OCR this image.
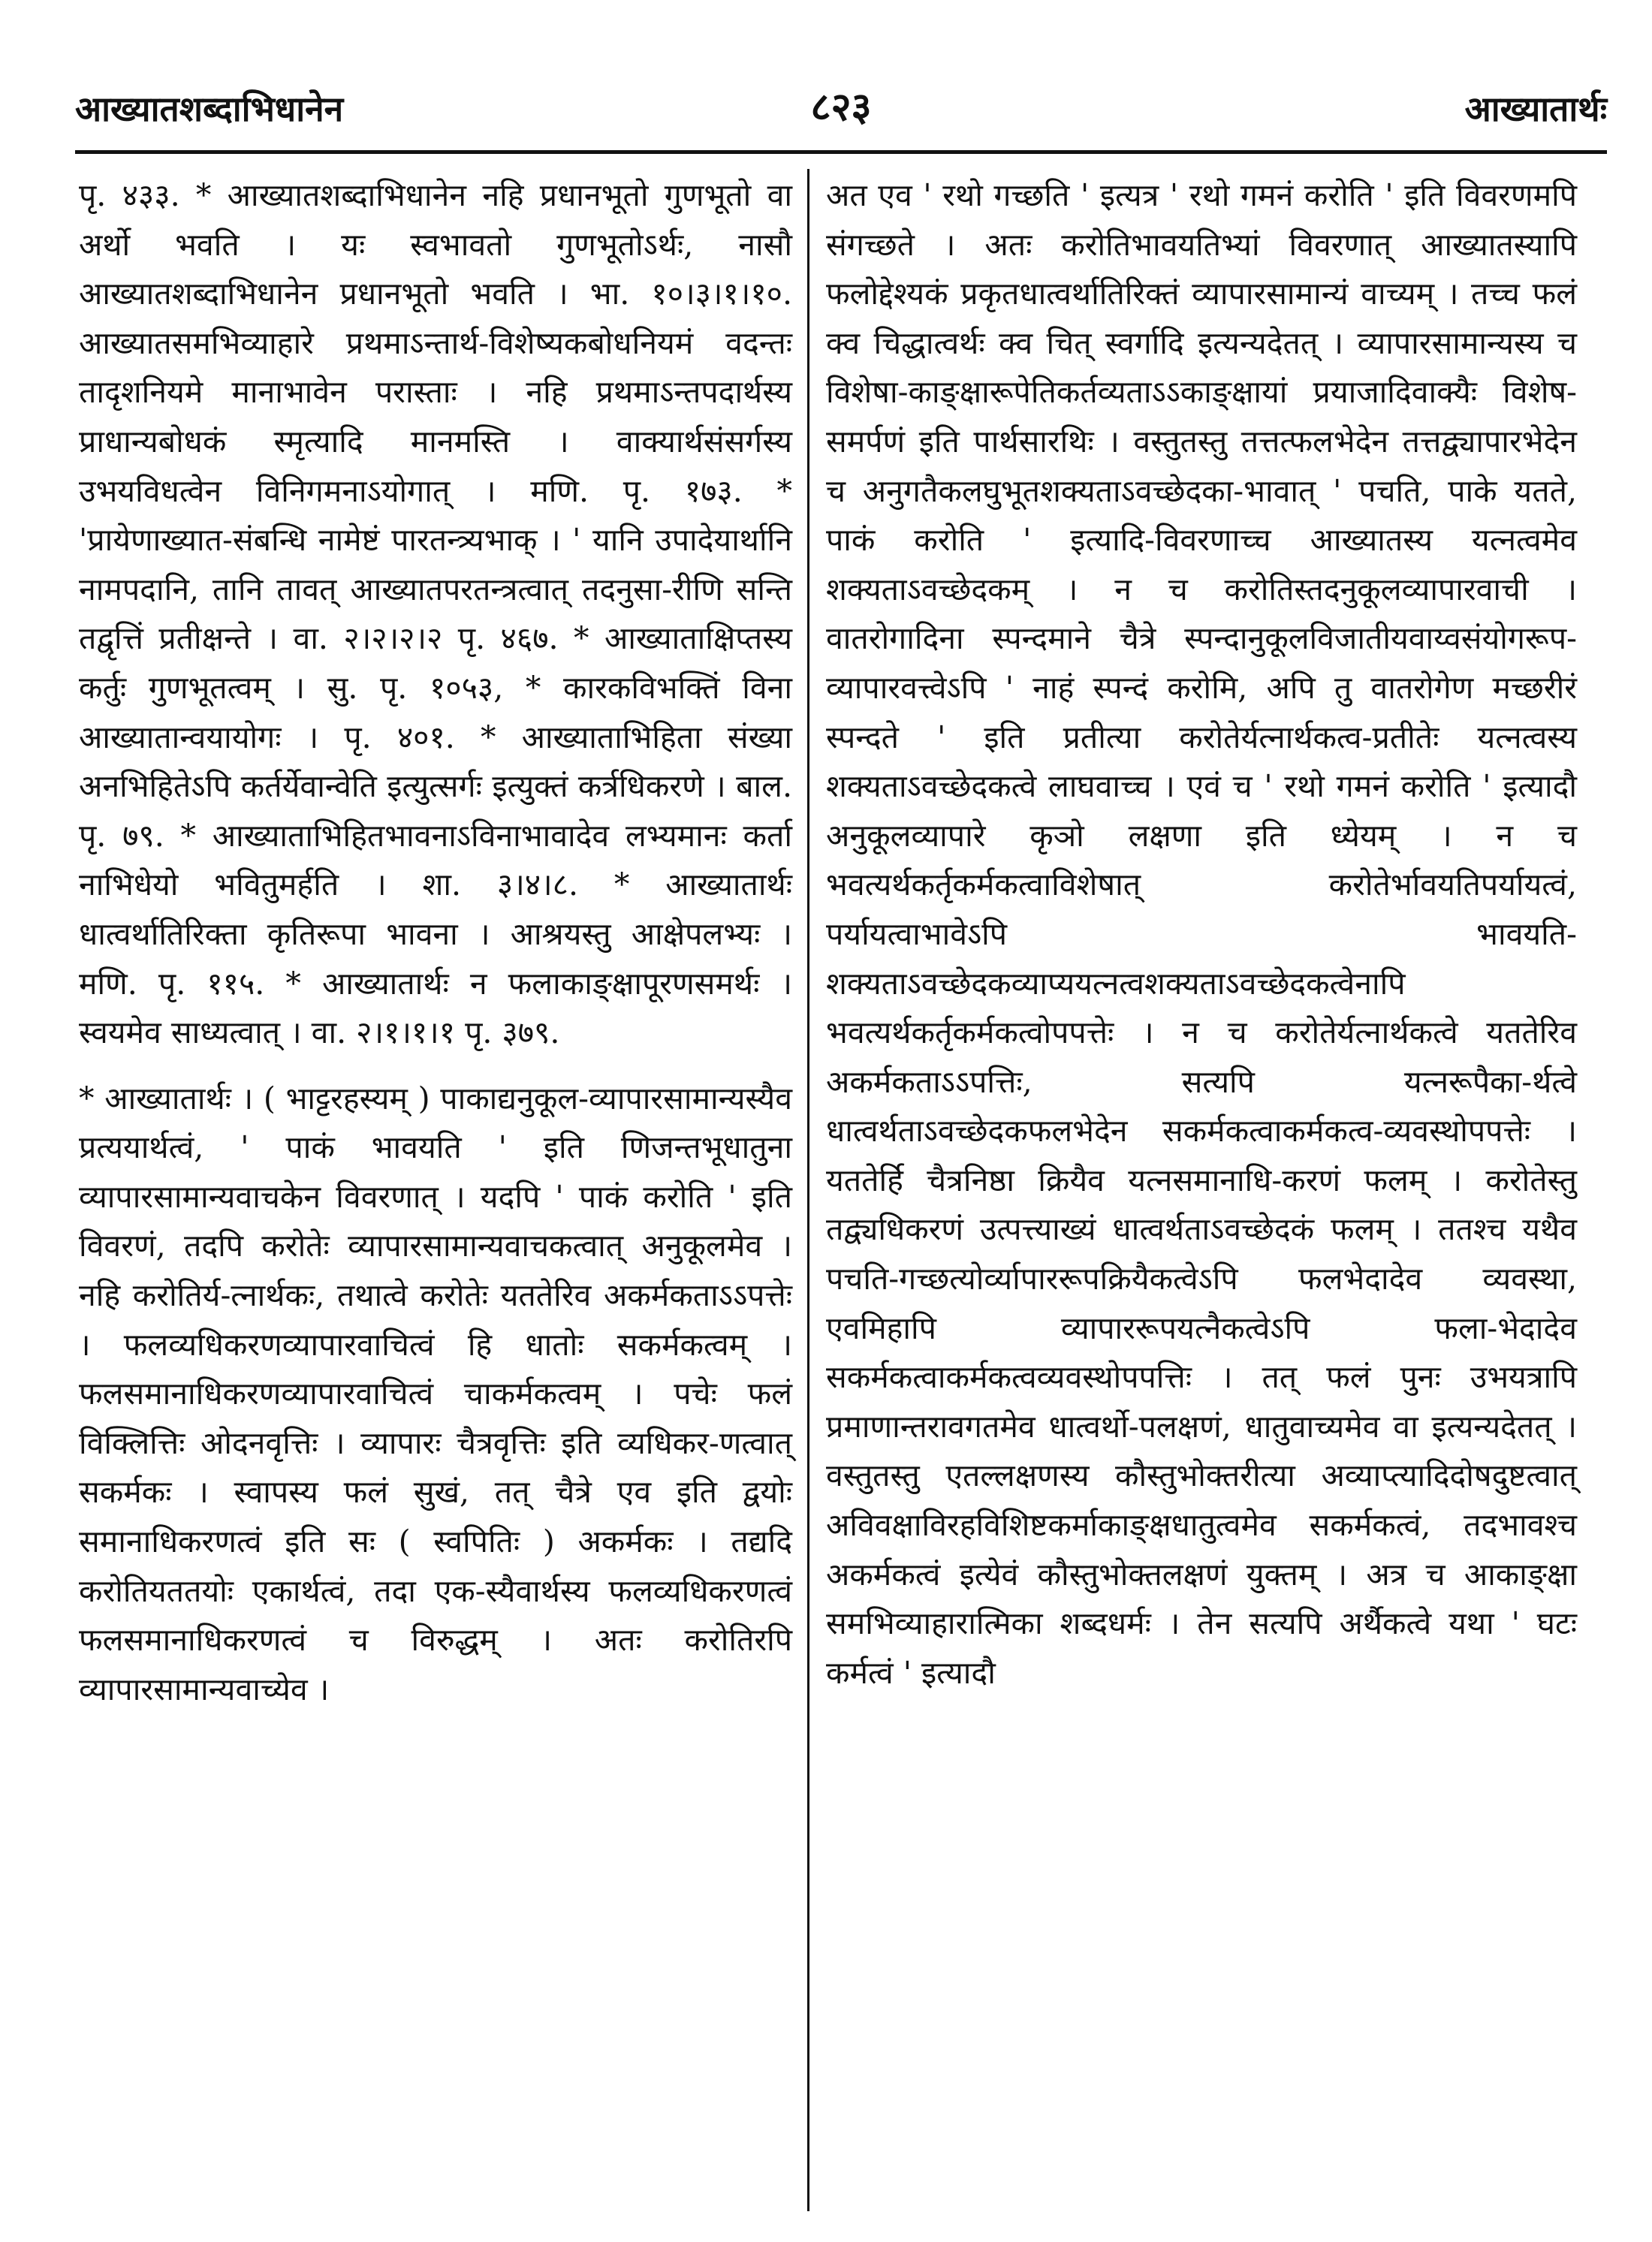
आख्यातशब्दाभिधानेन	८२३	आख्यातार्थः

पृ. ४३३. * आख्यातशब्दाभिधानेन नहि प्रधानभूतो गुणभूतो वा अर्थो भवति । यः स्वभावतो गुणभूतोऽर्थः, नासौ आख्यातशब्दाभिधानेन प्रधानभूतो भवति । भा. १०।३।१।१०. आख्यातसमभिव्याहारे प्रथमाऽन्तार्थ-विशेष्यकबोधनियमं वदन्तः तादृशनियमे मानाभावेन परास्ताः । नहि प्रथमाऽन्तपदार्थस्य प्राधान्यबोधकं स्मृत्यादि मानमस्ति । वाक्यार्थसंसर्गस्य उभयविधत्वेन विनिगमनाऽयोगात् । मणि. पृ. १७३. * 'प्रायेणाख्यात-संबन्धि नामेष्टं पारतन्त्र्यभाक् । ' यानि उपादेयार्थानि नामपदानि, तानि तावत् आख्यातपरतन्त्रत्वात् तदनुसा-रीणि सन्ति तद्वृत्तिं प्रतीक्षन्ते । वा. २।२।२।२ पृ. ४६७. * आख्याताक्षिप्तस्य कर्तुः गुणभूतत्वम् । सु. पृ. १०५३, * कारकविभक्तिं विना आख्यातान्वयायोगः । पृ. ४०१. * आख्याताभिहिता संख्या अनभिहितेऽपि कर्तर्येवान्वेति इत्युत्सर्गः इत्युक्तं कर्त्रधिकरणे । बाल. पृ. ७९. * आख्याताभिहितभावनाऽविनाभावादेव लभ्यमानः कर्ता नाभिधेयो भवितुमर्हति । शा. ३।४।८. * आख्यातार्थः धात्वर्थातिरिक्ता कृतिरूपा भावना । आश्रयस्तु आक्षेपलभ्यः । मणि. पृ. ११५. * आख्यातार्थः न फलाकाङ्क्षापूरणसमर्थः । स्वयमेव साध्यत्वात् । वा. २।१।१।१ पृ. ३७९.

* आख्यातार्थः । ( भाट्टरहस्यम् ) पाकाद्यनुकूल-व्यापारसामान्यस्यैव प्रत्ययार्थत्वं, ' पाकं भावयति ' इति णिजन्तभूधातुना व्यापारसामान्यवाचकेन विवरणात् । यदपि ' पाकं करोति ' इति विवरणं, तदपि करोतेः व्यापारसामान्यवाचकत्वात् अनुकूलमेव । नहि करोतिर्य-त्नार्थकः, तथात्वे करोतेः यततेरिव अकर्मकताऽऽपत्तेः । फलव्यधिकरणव्यापारवाचित्वं हि धातोः सकर्मकत्वम् । फलसमानाधिकरणव्यापारवाचित्वं चाकर्मकत्वम् । पचेः फलं विक्लित्तिः ओदनवृत्तिः । व्यापारः चैत्रवृत्तिः इति व्यधिकर-णत्वात् सकर्मकः । स्वापस्य फलं सुखं, तत् चैत्रे एव इति द्वयोः समानाधिकरणत्वं इति सः ( स्वपितिः ) अकर्मकः । तद्यदि करोतियततयोः एकार्थत्वं, तदा एक-स्यैवार्थस्य फलव्यधिकरणत्वं फलसमानाधिकरणत्वं च विरुद्धम् । अतः करोतिरपि व्यापारसामान्यवाच्येव ।

अत एव ' रथो गच्छति ' इत्यत्र ' रथो गमनं करोति ' इति विवरणमपि संगच्छते । अतः करोतिभावयतिभ्यां विवरणात् आख्यातस्यापि फलोद्देश्यकं प्रकृतधात्वर्थातिरिक्तं व्यापारसामान्यं वाच्यम् । तच्च फलं क्व चिद्धात्वर्थः क्व चित् स्वर्गादि इत्यन्यदेतत् । व्यापारसामान्यस्य च विशेषा-काङ्क्षारूपेतिकर्तव्यताऽऽकाङ्क्षायां प्रयाजादिवाक्यैः विशेष-समर्पणं इति पार्थसारथिः । वस्तुतस्तु तत्तत्फलभेदेन तत्तद्व्यापारभेदेन च अनुगतैकलघुभूतशक्यताऽवच्छेदका-भावात् ' पचति, पाके यतते, पाकं करोति ' इत्यादि-विवरणाच्च आख्यातस्य यत्नत्वमेव शक्यताऽवच्छेदकम् । न च करोतिस्तदनुकूलव्यापारवाची । वातरोगादिना स्पन्दमाने चैत्रे स्पन्दानुकूलविजातीयवाय्वसंयोगरूप-व्यापारवत्त्वेऽपि ' नाहं स्पन्दं करोमि, अपि तु वातरोगेण मच्छरीरं स्पन्दते ' इति प्रतीत्या करोतेर्यत्नार्थकत्व-प्रतीतेः यत्नत्वस्य शक्यताऽवच्छेदकत्वे लाघवाच्च । एवं च ' रथो गमनं करोति ' इत्यादौ अनुकूलव्यापारे कृञो लक्षणा इति ध्येयम् । न च भवत्यर्थकर्तृकर्मकत्वाविशेषात् करोतेर्भावयतिपर्यायत्वं, पर्यायत्वाभावेऽपि भावयति-शक्यताऽवच्छेदकव्याप्ययत्नत्वशक्यताऽवच्छेदकत्वेनापि भवत्यर्थकर्तृकर्मकत्वोपपत्तेः । न च करोतेर्यत्नार्थकत्वे यततेरिव अकर्मकताऽऽपत्तिः, सत्यपि यत्नरूपैका-र्थत्वे धात्वर्थताऽवच्छेदकफलभेदेन सकर्मकत्वाकर्मकत्व-व्यवस्थोपपत्तेः । यततेर्हि चैत्रनिष्ठा क्रियैव यत्नसमानाधि-करणं फलम् । करोतेस्तु तद्व्यधिकरणं उत्पत्त्याख्यं धात्वर्थताऽवच्छेदकं फलम् । ततश्च यथैव पचति-गच्छत्योर्व्यापाररूपक्रियैकत्वेऽपि फलभेदादेव व्यवस्था, एवमिहापि व्यापाररूपयत्नैकत्वेऽपि फला-भेदादेव सकर्मकत्वाकर्मकत्वव्यवस्थोपपत्तिः । तत् फलं पुनः उभयत्रापि प्रमाणान्तरावगतमेव धात्वर्थो-पलक्षणं, धातुवाच्यमेव वा इत्यन्यदेतत् । वस्तुतस्तु एतल्लक्षणस्य कौस्तुभोक्तरीत्या अव्याप्त्यादिदोषदुष्टत्वात् अविवक्षाविरहविशिष्टकर्माकाङ्क्षधातुत्वमेव सकर्मकत्वं, तदभावश्च अकर्मकत्वं इत्येवं कौस्तुभोक्तलक्षणं युक्तम् । अत्र च आकाङ्क्षा समभिव्याहारात्मिका शब्दधर्मः । तेन सत्यपि अर्थैकत्वे यथा ' घटः कर्मत्वं ' इत्यादौ
